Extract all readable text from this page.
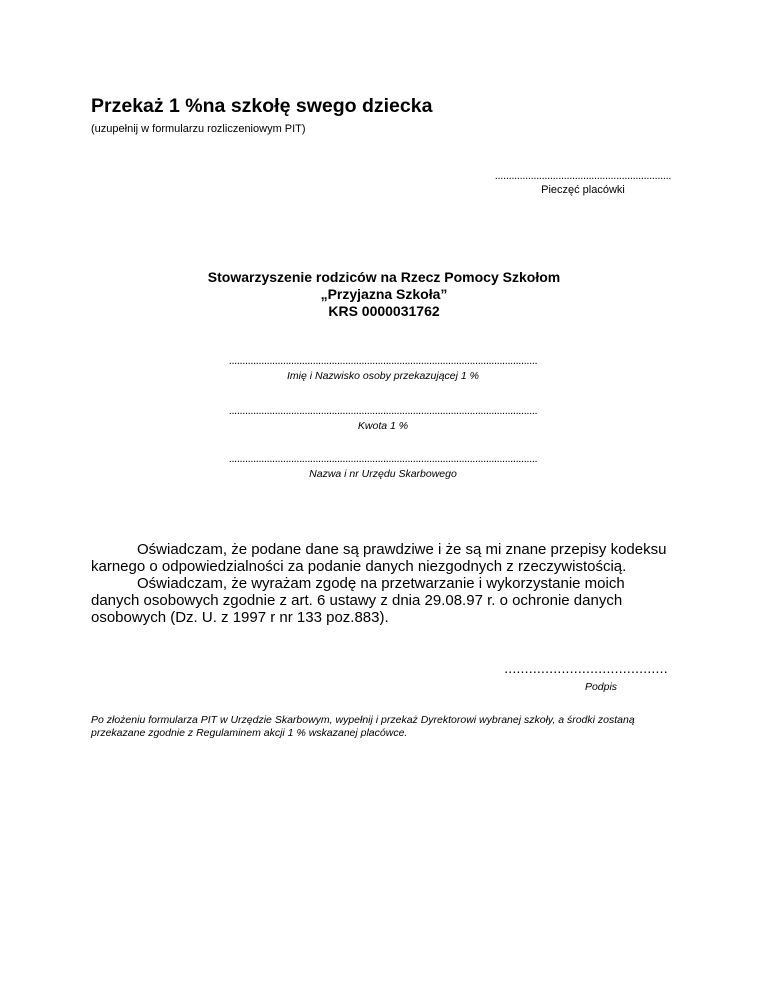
Przekaż 1 %na szkołę swego dziecka
(uzupełnij w formularzu rozliczeniowym PIT)
................................................................
Pieczęć placówki
Stowarzyszenie rodziców na Rzecz Pomocy Szkołom
„Przyjazna Szkoła”
KRS 0000031762
..................................................................................................................
Imię i Nazwisko osoby przekazującej 1 %
..................................................................................................................
Kwota 1 %
..................................................................................................................
Nazwa i nr Urzędu Skarbowego

Oświadczam, że podane dane są prawdziwe i że są mi znane przepisy kodeksu karnego o odpowiedzialności za podanie danych niezgodnych z rzeczywistością.

Oświadczam, że wyrażam zgodę na przetwarzanie i wykorzystanie moich danych osobowych zgodnie z art. 6 ustawy z dnia 29.08.97 r. o ochronie danych osobowych (Dz. U. z 1997 r nr 133 poz.883).

........................................
Podpis
Po złożeniu formularza PIT w Urzędzie Skarbowym, wypełnij i przekaż Dyrektorowi wybranej szkoły, a środki zostaną przekazane zgodnie z Regulaminem akcji 1 % wskazanej placówce.
